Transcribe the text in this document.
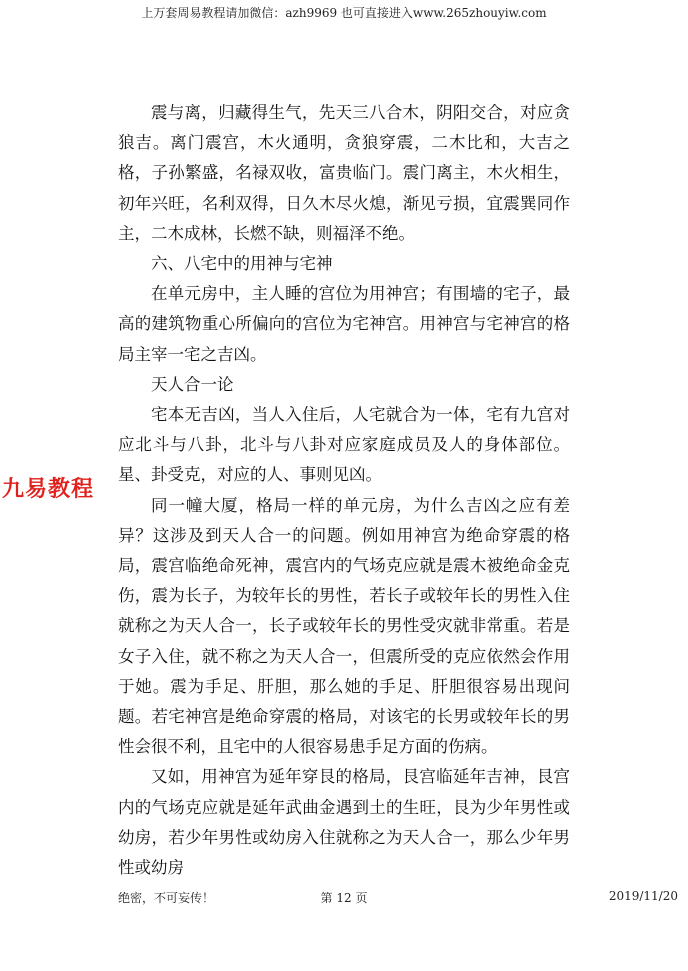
上万套周易教程请加微信：azh9969 也可直接进入www.265zhouyiw.com

震与离，归藏得生气，先天三八合木，阴阳交合，对应贪狼吉。离门震宫，木火通明，贪狼穿震，二木比和，大吉之格，子孙繁盛，名禄双收，富贵临门。震门离主，木火相生，初年兴旺，名利双得，日久木尽火熄，渐见亏损，宜震巽同作主，二木成林，长燃不缺，则福泽不绝。

六、八宅中的用神与宅神

在单元房中，主人睡的宫位为用神宫；有围墙的宅子，最高的建筑物重心所偏向的宫位为宅神宫。用神宫与宅神宫的格局主宰一宅之吉凶。

天人合一论

宅本无吉凶，当人入住后，人宅就合为一体，宅有九宫对应北斗与八卦，北斗与八卦对应家庭成员及人的身体部位。星、卦受克，对应的人、事则见凶。

同一幢大厦，格局一样的单元房，为什么吉凶之应有差异？这涉及到天人合一的问题。例如用神宫为绝命穿震的格局，震宫临绝命死神，震宫内的气场克应就是震木被绝命金克伤，震为长子，为较年长的男性，若长子或较年长的男性入住就称之为天人合一，长子或较年长的男性受灾就非常重。若是女子入住，就不称之为天人合一，但震所受的克应依然会作用于她。震为手足、肝胆，那么她的手足、肝胆很容易出现问题。若宅神宫是绝命穿震的格局，对该宅的长男或较年长的男性会很不利，且宅中的人很容易患手足方面的伤病。

又如，用神宫为延年穿艮的格局，艮宫临延年吉神，艮宫内的气场克应就是延年武曲金遇到土的生旺，艮为少年男性或幼房，若少年男性或幼房入住就称之为天人合一，那么少年男性或幼房

九易教程
绝密，不可妄传！	第 12 页	2019/11/20
